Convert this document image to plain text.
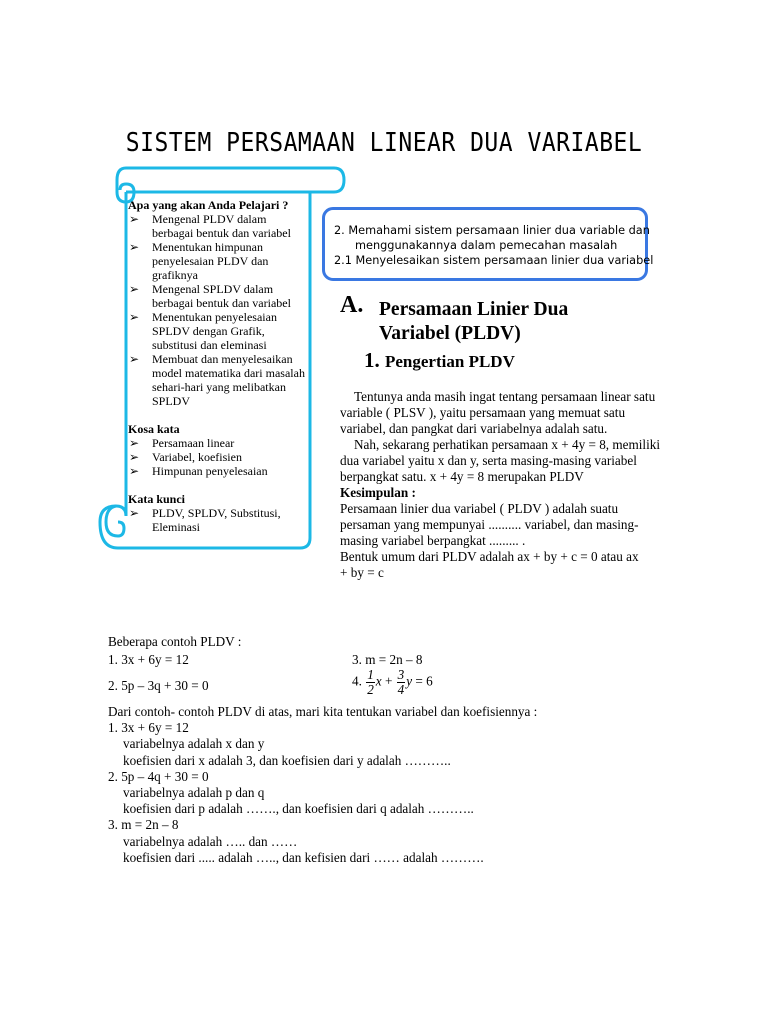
SISTEM PERSAMAAN LINEAR DUA VARIABEL

Apa yang akan Anda Pelajari ?

➢ Mengenal PLDV dalam berbagai bentuk dan variabel
➢ Menentukan himpunan penyelesaian PLDV dan grafiknya
➢ Mengenal SPLDV dalam berbagai bentuk dan variabel
➢ Menentukan penyelesaian SPLDV dengan Grafik, substitusi dan eleminasi
➢ Membuat dan menyelesaikan model matematika dari masalah sehari-hari yang melibatkan SPLDV

Kosa kata

➢ Persamaan linear
➢ Variabel, koefisien
➢ Himpunan penyelesaian

Kata kunci

➢ PLDV, SPLDV, Substitusi, Eleminasi
2. Memahami sistem persamaan linier dua variable dan
menggunakannya dalam pemecahan masalah
2.1 Menyelesaikan sistem persamaan linier dua variabel
A. Persamaan Linier Dua
Variabel (PLDV)
1. Pengertian PLDV

Tentunya anda masih ingat tentang persamaan linear satu variable ( PLSV ), yaitu persamaan yang memuat satu variabel, dan pangkat dari variabelnya adalah satu.

Nah, sekarang perhatikan persamaan x + 4y = 8, memiliki dua variabel yaitu x dan y, serta masing-masing variabel berpangkat satu. x + 4y = 8 merupakan PLDV

Kesimpulan :

Persamaan linier dua variabel ( PLDV ) adalah suatu persaman yang mempunyai .......... variabel, dan masing- masing variabel berpangkat ......... .

Bentuk umum dari PLDV adalah ax + by + c = 0 atau ax + by = c

Beberapa contoh PLDV :
1. 3x + 6y = 12
2. 5p – 3q + 30 = 0
3. m = 2n – 8
4. $\frac{1}{2}$ $x + \frac{3}{4}$ y = 6
Dari contoh- contoh PLDV di atas, mari kita tentukan variabel dan koefisiennya :
1. 3x + 6y = 12
variabelnya adalah x dan y
koefisien dari x adalah 3, dan koefisien dari y adalah ………..
2. 5p – 4q + 30 = 0
variabelnya adalah p dan q
koefisien dari p adalah ……., dan koefisien dari q adalah ………..
3. m = 2n – 8
variabelnya adalah ….. dan ……
koefisien dari ..... adalah ….., dan kefisien dari …… adalah ……….
